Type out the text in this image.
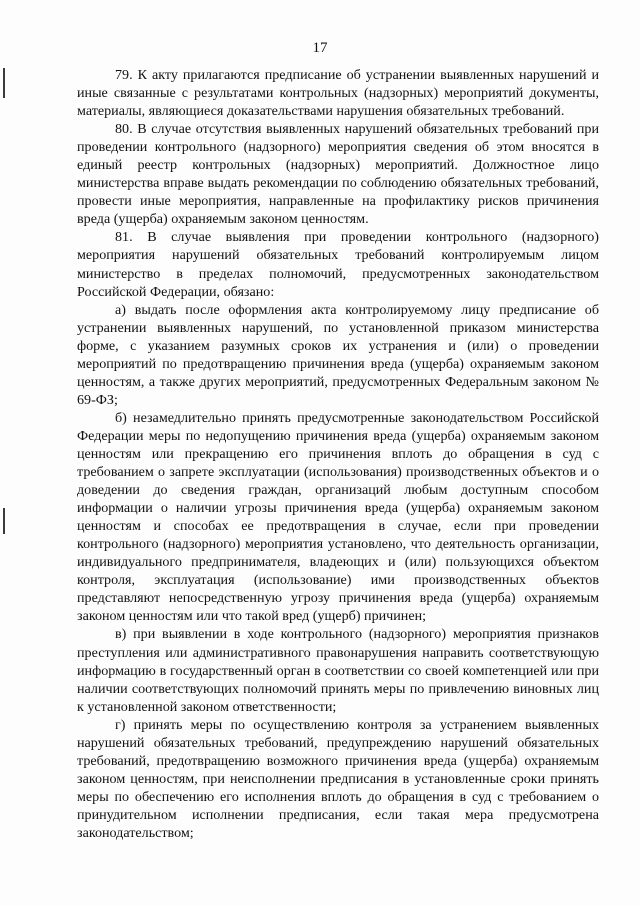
17

79. К акту прилагаются предписание об устранении выявленных нарушений и иные связанные с результатами контрольных (надзорных) мероприятий документы, материалы, являющиеся доказательствами нарушения обязательных требований.

80. В случае отсутствия выявленных нарушений обязательных требований при проведении контрольного (надзорного) мероприятия сведения об этом вносятся в единый реестр контрольных (надзорных) мероприятий. Должностное лицо министерства вправе выдать рекомендации по соблюдению обязательных требований, провести иные мероприятия, направленные на профилактику рисков причинения вреда (ущерба) охраняемым законом ценностям.

81. В случае выявления при проведении контрольного (надзорного) мероприятия нарушений обязательных требований контролируемым лицом министерство в пределах полномочий, предусмотренных законодательством Российской Федерации, обязано:

а) выдать после оформления акта контролируемому лицу предписание об устранении выявленных нарушений, по установленной приказом министерства форме, с указанием разумных сроков их устранения и (или) о проведении мероприятий по предотвращению причинения вреда (ущерба) охраняемым законом ценностям, а также других мероприятий, предусмотренных Федеральным законом № 69-ФЗ;

б) незамедлительно принять предусмотренные законодательством Российской Федерации меры по недопущению причинения вреда (ущерба) охраняемым законом ценностям или прекращению его причинения вплоть до обращения в суд с требованием о запрете эксплуатации (использования) производственных объектов и о доведении до сведения граждан, организаций любым доступным способом информации о наличии угрозы причинения вреда (ущерба) охраняемым законом ценностям и способах ее предотвращения в случае, если при проведении контрольного (надзорного) мероприятия установлено, что деятельность организации, индивидуального предпринимателя, владеющих и (или) пользующихся объектом контроля, эксплуатация (использование) ими производственных объектов представляют непосредственную угрозу причинения вреда (ущерба) охраняемым законом ценностям или что такой вред (ущерб) причинен;

в) при выявлении в ходе контрольного (надзорного) мероприятия признаков преступления или административного правонарушения направить соответствующую информацию в государственный орган в соответствии со своей компетенцией или при наличии соответствующих полномочий принять меры по привлечению виновных лиц к установленной законом ответственности;

г) принять меры по осуществлению контроля за устранением выявленных нарушений обязательных требований, предупреждению нарушений обязательных требований, предотвращению возможного причинения вреда (ущерба) охраняемым законом ценностям, при неисполнении предписания в установленные сроки принять меры по обеспечению его исполнения вплоть до обращения в суд с требованием о принудительном исполнении предписания, если такая мера предусмотрена законодательством;
